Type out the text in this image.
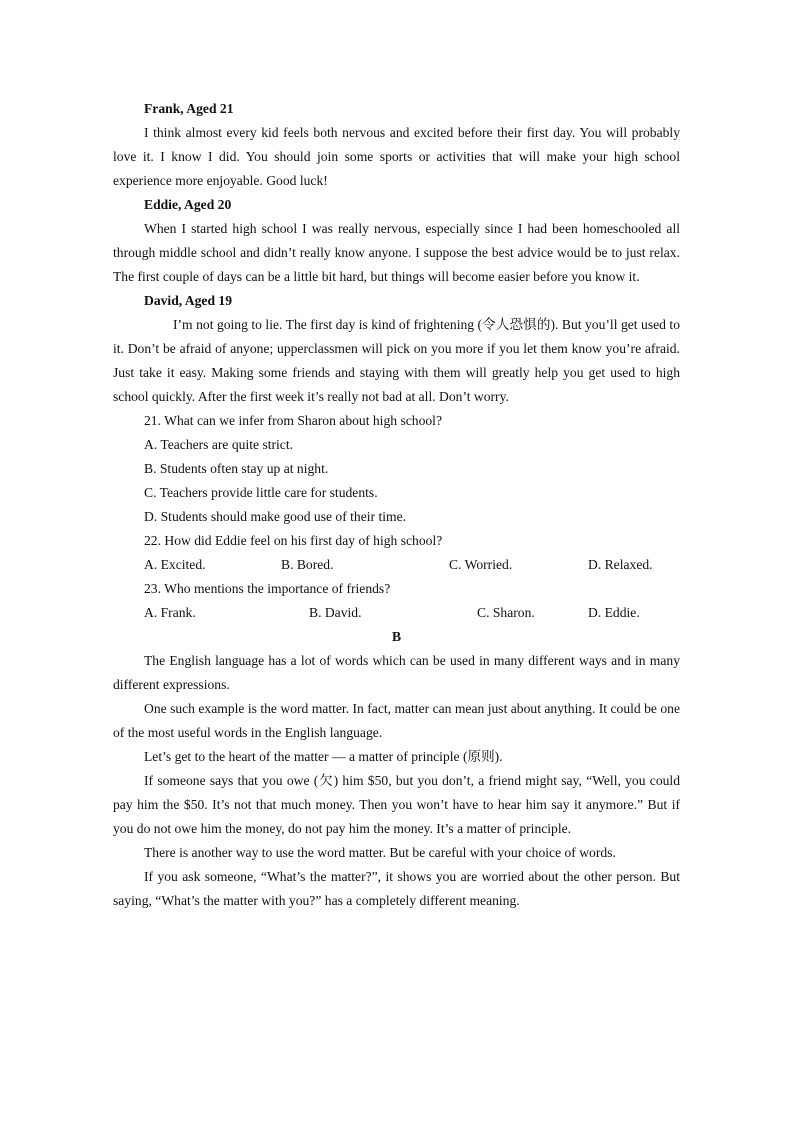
Frank, Aged 21
I think almost every kid feels both nervous and excited before their first day. You will probably love it. I know I did. You should join some sports or activities that will make your high school experience more enjoyable. Good luck!
Eddie, Aged 20
When I started high school I was really nervous, especially since I had been homeschooled all through middle school and didn’t really know anyone. I suppose the best advice would be to just relax. The first couple of days can be a little bit hard, but things will become easier before you know it.
David, Aged 19
I’m not going to lie. The first day is kind of frightening (令人恐惧的). But you’ll get used to it. Don’t be afraid of anyone; upperclassmen will pick on you more if you let them know you’re afraid. Just take it easy. Making some friends and staying with them will greatly help you get used to high school quickly. After the first week it’s really not bad at all. Don’t worry.
21. What can we infer from Sharon about high school?
A. Teachers are quite strict.
B. Students often stay up at night.
C. Teachers provide little care for students.
D. Students should make good use of their time.
22. How did Eddie feel on his first day of high school?
A. Excited.	B. Bored.	C. Worried.	D. Relaxed.
23. Who mentions the importance of friends?
A. Frank.	B. David.	C. Sharon.	D. Eddie.
B
The English language has a lot of words which can be used in many different ways and in many different expressions.
One such example is the word matter. In fact, matter can mean just about anything. It could be one of the most useful words in the English language.
Let’s get to the heart of the matter — a matter of principle (原则).
If someone says that you owe (欠) him $50, but you don’t, a friend might say, “Well, you could pay him the $50. It’s not that much money. Then you won’t have to hear him say it anymore.” But if you do not owe him the money, do not pay him the money. It’s a matter of principle.
There is another way to use the word matter. But be careful with your choice of words.
If you ask someone, “What’s the matter?”, it shows you are worried about the other person. But saying, “What’s the matter with you?” has a completely different meaning.
